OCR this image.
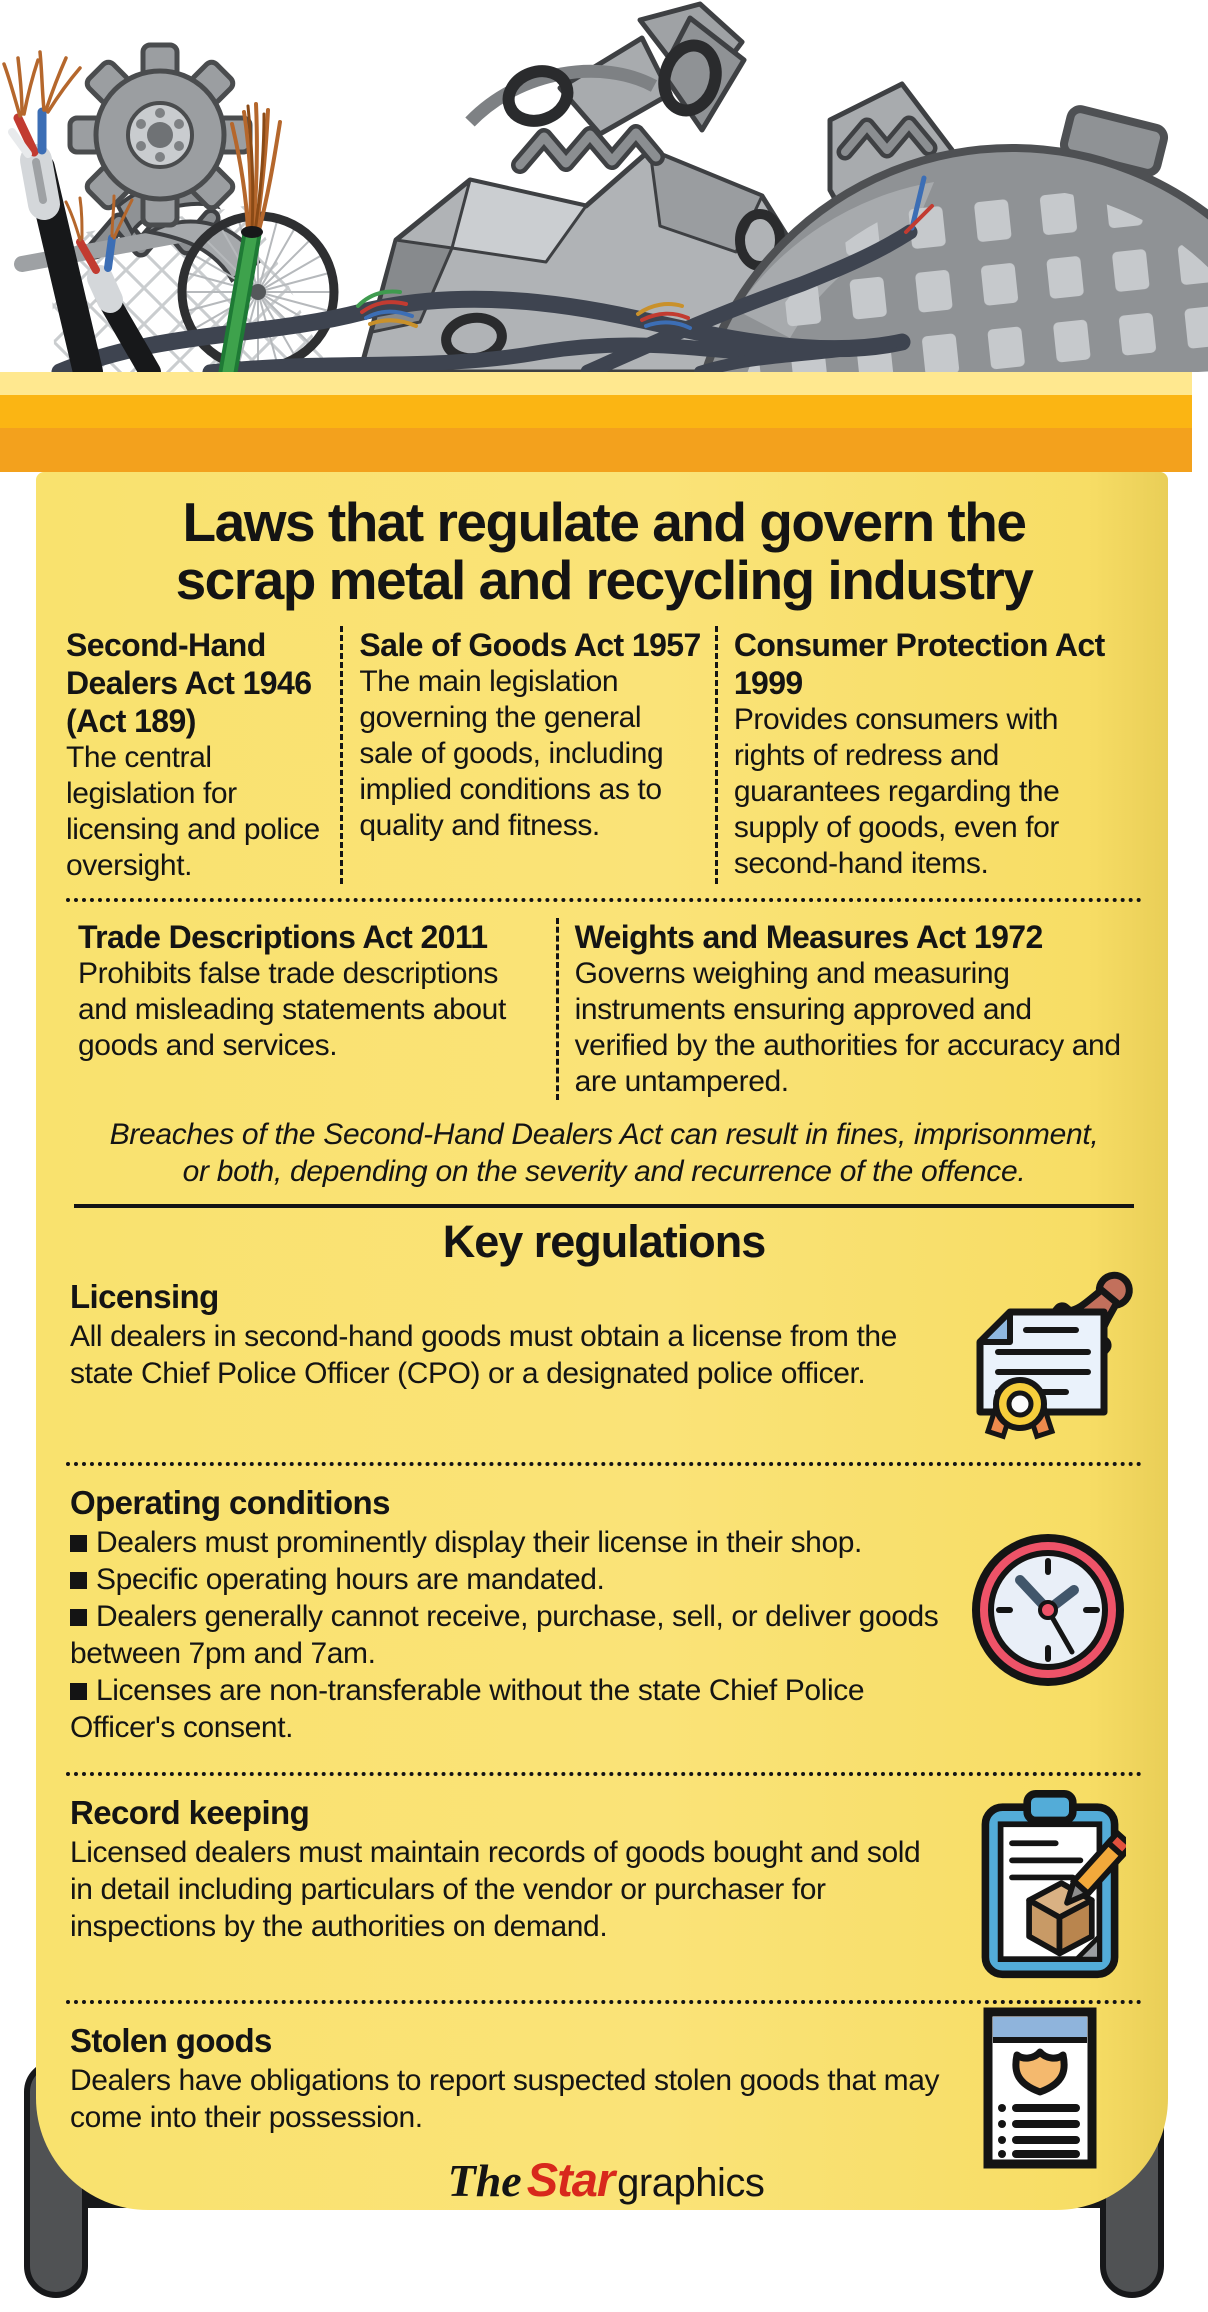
Laws that regulate and govern the
scrap metal and recycling industry
Second-Hand Dealers Act 1946 (Act 189)

The central legislation for licensing and police oversight.

Sale of Goods Act 1957

The main legislation governing the general sale of goods, including implied conditions as to quality and fitness.

Consumer Protection Act 1999

Provides consumers with rights of redress and guarantees regarding the supply of goods, even for second-hand items.

Trade Descriptions Act 2011

Prohibits false trade descriptions and misleading statements about goods and services.

Weights and Measures Act 1972

Governs weighing and measuring instruments ensuring approved and verified by the authorities for accuracy and are untampered.

Breaches of the Second-Hand Dealers Act can result in fines, imprisonment, or both, depending on the severity and recurrence of the offence.

Key regulations
Licensing

All dealers in second-hand goods must obtain a license from the state Chief Police Officer (CPO) or a designated police officer.

Operating conditions
Dealers must prominently display their license in their shop.
Specific operating hours are mandated.
Dealers generally cannot receive, purchase, sell, or deliver goods between 7pm and 7am.
Licenses are non-transferable without the state Chief Police Officer's consent.
Record keeping

Licensed dealers must maintain records of goods bought and sold in detail including particulars of the vendor or purchaser for inspections by the authorities on demand.

Stolen goods

Dealers have obligations to report suspected stolen goods that may come into their possession.

The Stargraphics
